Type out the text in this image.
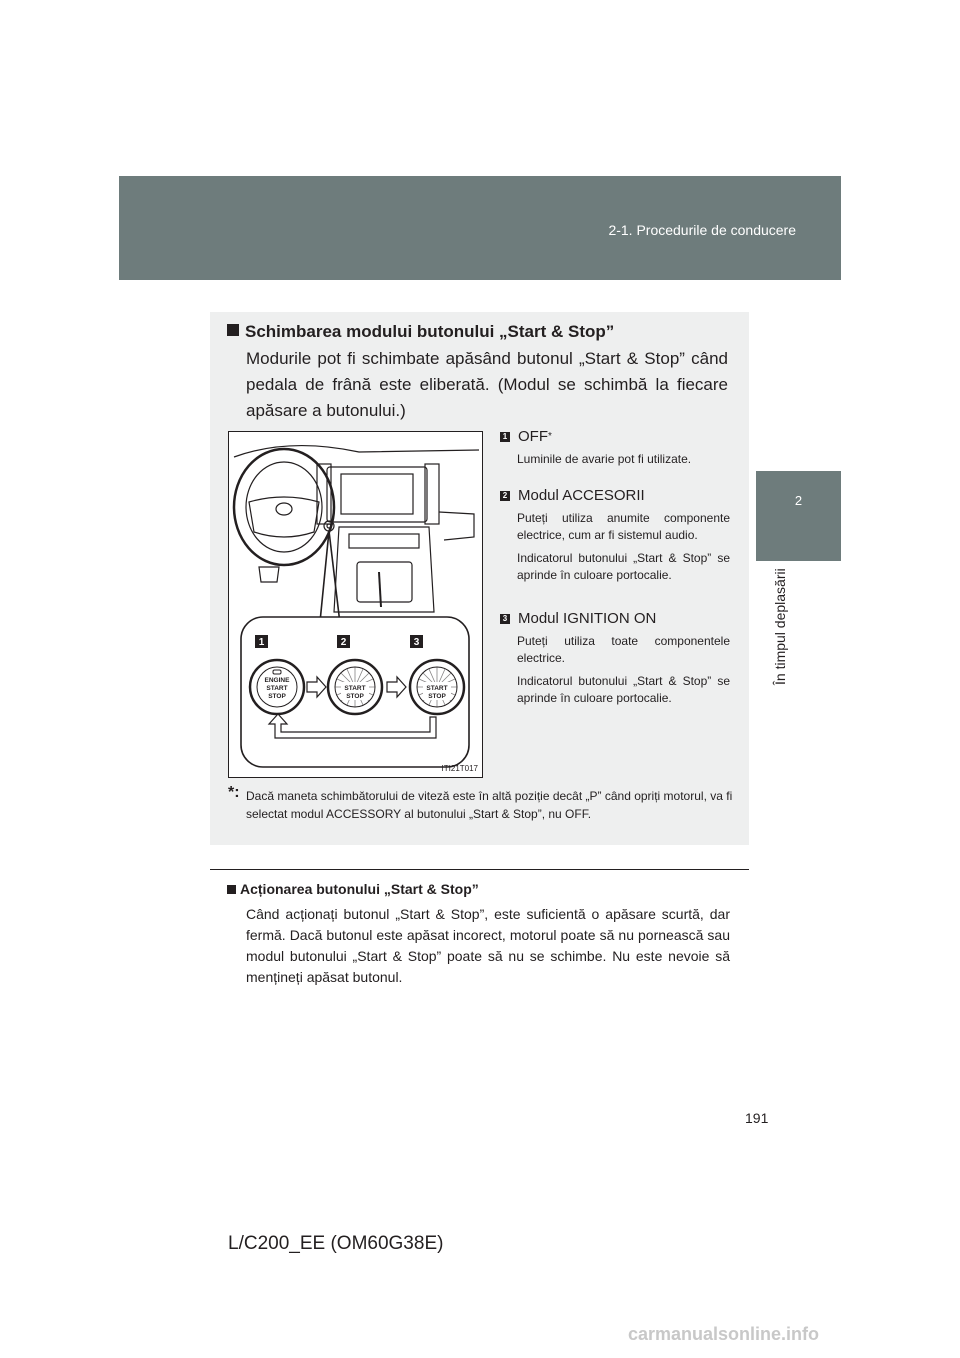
2-1. Procedurile de conducere
2
În timpul deplasării
Schimbarea modului butonului „Start & Stop”
Modurile pot fi schimbate apăsând butonul „Start & Stop” când pedala de frână este eliberată. (Modul se schimbă la fiecare apăsare a butonului.)
1	2	3
ENGINE
START
STOP
START
STOP
START
STOP
ITI21T017
1 OFF *
Luminile de avarie pot fi utilizate.
2 Modul ACCESORII
Puteți utiliza anumite componente electrice, cum ar fi sistemul audio.
Indicatorul butonului „Start & Stop” se aprinde în culoare portocalie.
3 Modul IGNITION ON
Puteți utiliza toate componentele electrice.
Indicatorul butonului „Start & Stop” se aprinde în culoare portocalie.
*: Dacă maneta schimbătorului de viteză este în altă poziție decât „P” când opriți motorul, va fi selectat modul ACCESSORY al butonului „Start & Stop”, nu OFF.
Acționarea butonului „Start & Stop”
Când acționați butonul „Start & Stop”, este suficientă o apăsare scurtă, dar fermă. Dacă butonul este apăsat incorect, motorul poate să nu pornească sau modul butonului „Start & Stop” poate să nu se schimbe. Nu este nevoie să mențineți apăsat butonul.
191
L/C200_EE (OM60G38E)
carmanualsonline.info
